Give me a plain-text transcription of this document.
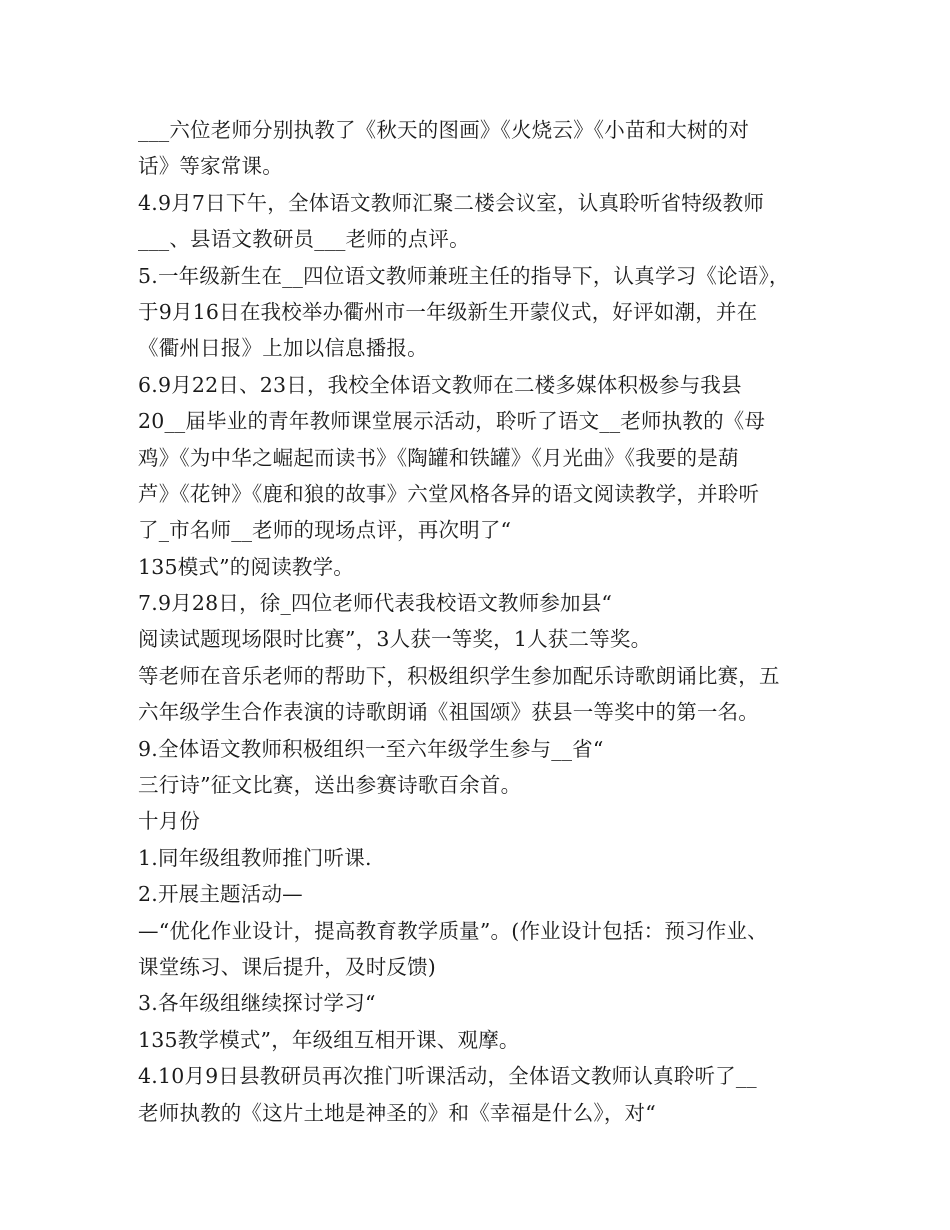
___六位老师分别执教了《秋天的图画》《火烧云》《小苗和大树的对
话》等家常课。
4.9月7日下午，全体语文教师汇聚二楼会议室，认真聆听省特级教师
___、县语文教研员___老师的点评。
5.一年级新生在__四位语文教师兼班主任的指导下，认真学习《论语》，
于9月16日在我校举办衢州市一年级新生开蒙仪式，好评如潮，并在
《衢州日报》上加以信息播报。
6.9月22日、23日，我校全体语文教师在二楼多媒体积极参与我县
20__届毕业的青年教师课堂展示活动，聆听了语文__老师执教的《母
鸡》《为中华之崛起而读书》《陶罐和铁罐》《月光曲》《我要的是葫
芦》《花钟》《鹿和狼的故事》六堂风格各异的语文阅读教学，并聆听
了_市名师__老师的现场点评，再次明了“
135模式”的阅读教学。
7.9月28日，徐_四位老师代表我校语文教师参加县“
阅读试题现场限时比赛”，3人获一等奖，1人获二等奖。
等老师在音乐老师的帮助下，积极组织学生参加配乐诗歌朗诵比赛，五
六年级学生合作表演的诗歌朗诵《祖国颂》获县一等奖中的第一名。
9.全体语文教师积极组织一至六年级学生参与__省“
三行诗”征文比赛，送出参赛诗歌百余首。
十月份
1.同年级组教师推门听课.
2.开展主题活动—
—“优化作业设计，提高教育教学质量”。(作业设计包括：预习作业、
课堂练习、课后提升，及时反馈)
3.各年级组继续探讨学习“
135教学模式”，年级组互相开课、观摩。
4.10月9日县教研员再次推门听课活动，全体语文教师认真聆听了__
老师执教的《这片土地是神圣的》和《幸福是什么》，对“
